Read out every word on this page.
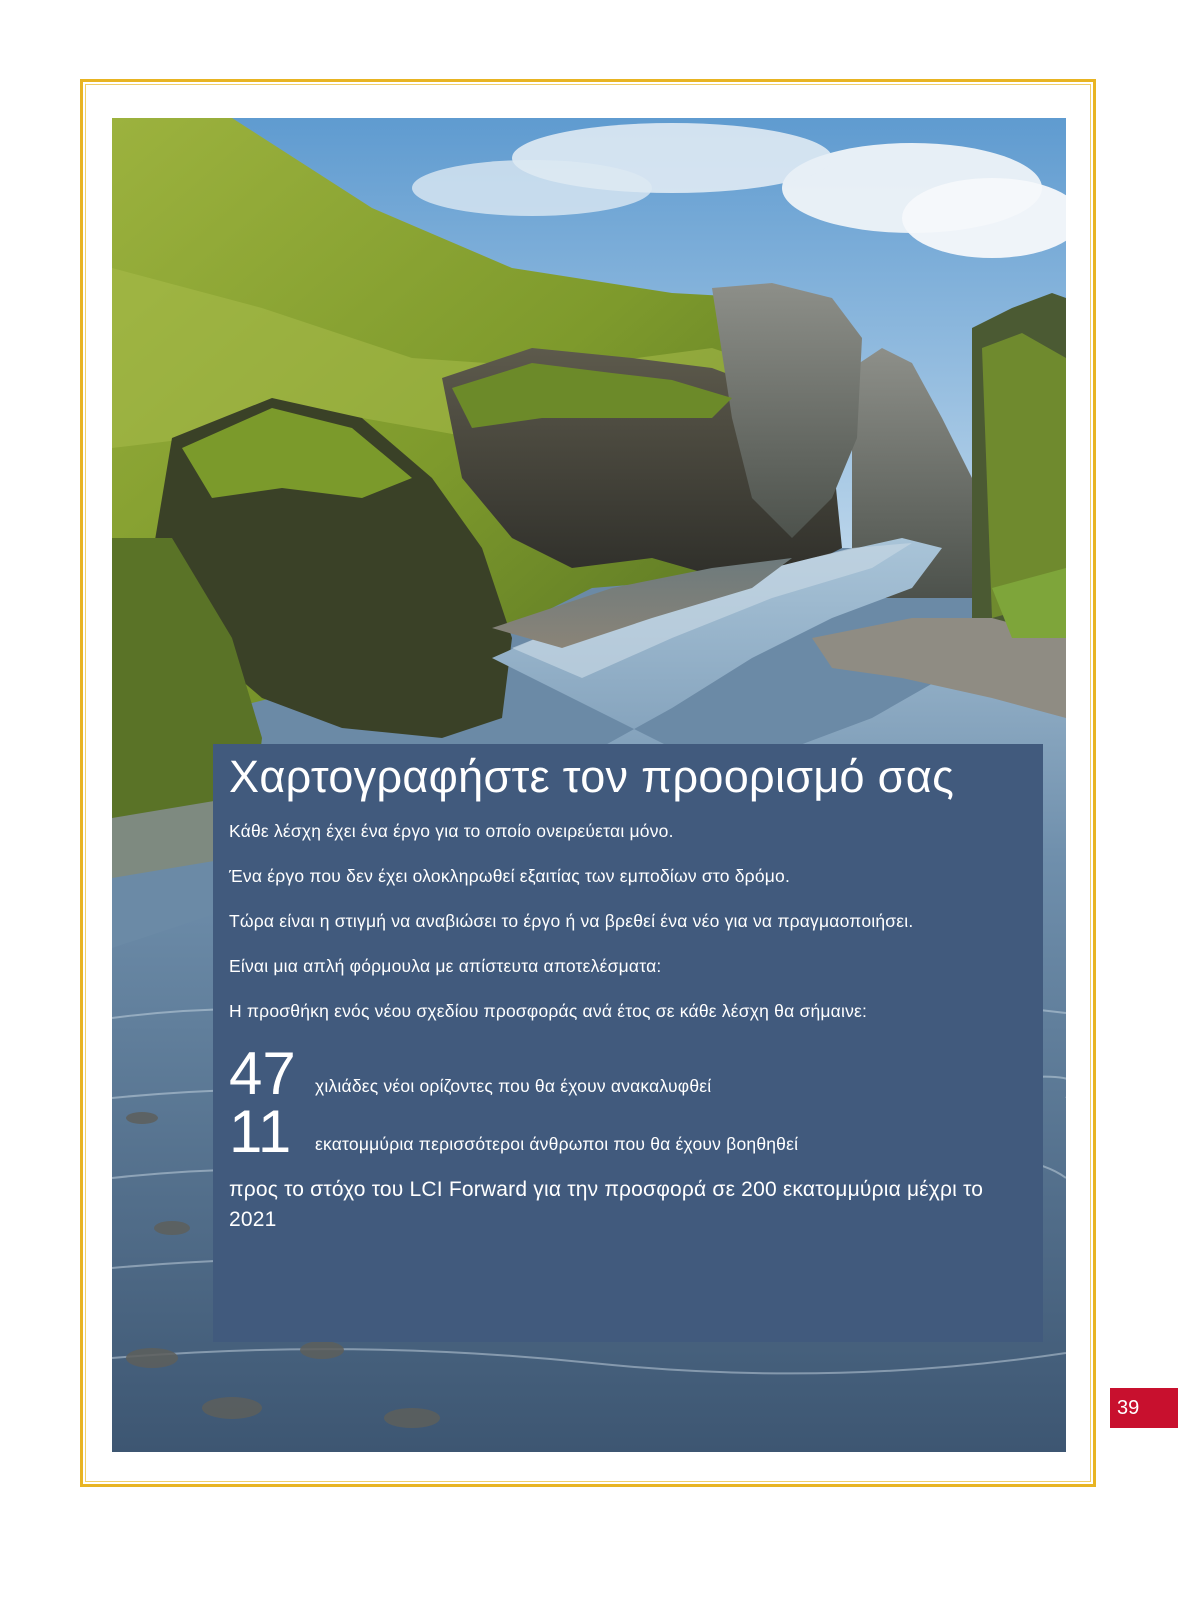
Χαρτογραφήστε τον προορισμό σας

Κάθε λέσχη έχει ένα έργο για το οποίο ονειρεύεται μόνο.

Ένα έργο που δεν έχει ολοκληρωθεί εξαιτίας των εμποδίων στο δρόμο.

Τώρα είναι η στιγμή να αναβιώσει το έργο ή να βρεθεί ένα νέο για να πραγμαοποιήσει.

Είναι μια απλή φόρμουλα με απίστευτα αποτελέσματα:

Η προσθήκη ενός νέου σχεδίου προσφοράς ανά έτος σε κάθε λέσχη θα σήμαινε:

47	χιλιάδες νέοι ορίζοντες που θα έχουν ανακαλυφθεί
11	εκατομμύρια περισσότεροι άνθρωποι που θα έχουν βοηθηθεί
προς το στόχο του LCI Forward για την προσφορά σε 200 εκατομμύρια μέχρι το 2021
39
